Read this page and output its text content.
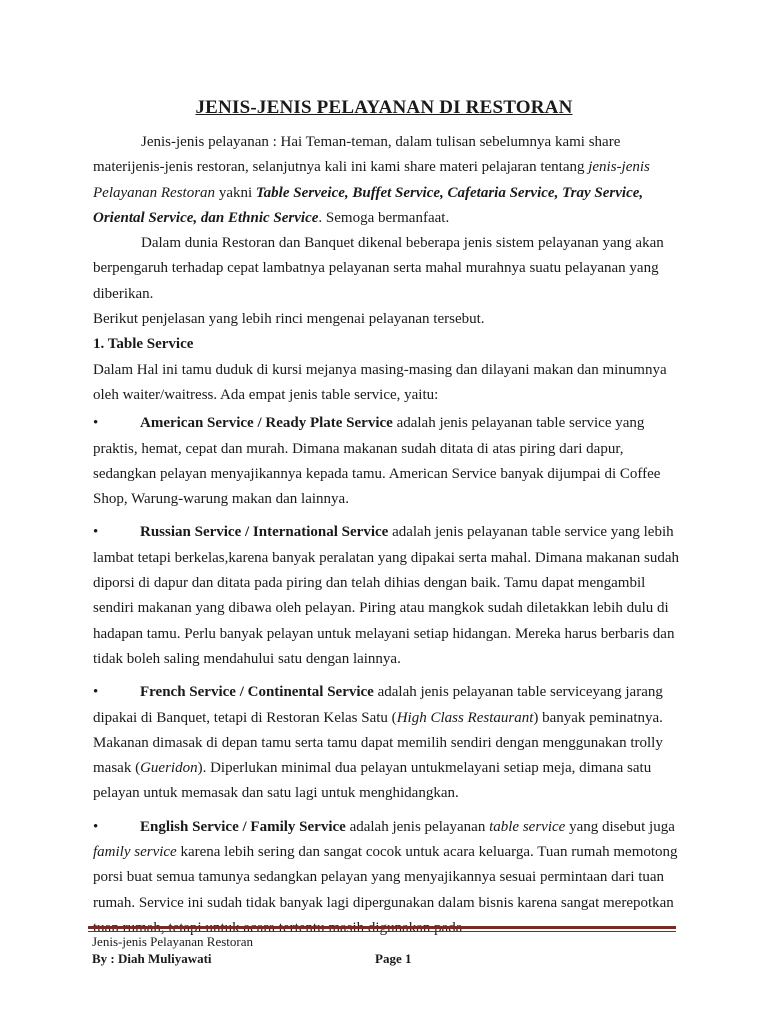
JENIS-JENIS PELAYANAN DI RESTORAN

Jenis-jenis pelayanan : Hai Teman-teman, dalam tulisan sebelumnya kami share materijenis-jenis restoran, selanjutnya kali ini kami share materi pelajaran tentang jenis-jenis Pelayanan Restoran yakni Table Serveice, Buffet Service, Cafetaria Service, Tray Service, Oriental Service, dan Ethnic Service. Semoga bermanfaat.

Dalam dunia Restoran dan Banquet dikenal beberapa jenis sistem pelayanan yang akan berpengaruh terhadap cepat lambatnya pelayanan serta mahal murahnya suatu pelayanan yang diberikan.

Berikut penjelasan yang lebih rinci mengenai pelayanan tersebut.

1. Table Service

Dalam Hal ini tamu duduk di kursi mejanya masing-masing dan dilayani makan dan minumnya oleh waiter/waitress. Ada empat jenis table service, yaitu:

•	American Service / Ready Plate Service adalah jenis pelayanan table service yang praktis, hemat, cepat dan murah. Dimana makanan sudah ditata di atas piring dari dapur, sedangkan pelayan menyajikannya kepada tamu. American Service banyak dijumpai di Coffee Shop, Warung-warung makan dan lainnya.

•	Russian Service / International Service adalah jenis pelayanan table service yang lebih lambat tetapi berkelas,karena banyak peralatan yang dipakai serta mahal. Dimana makanan sudah diporsi di dapur dan ditata pada piring dan telah dihias dengan baik. Tamu dapat mengambil sendiri makanan yang dibawa oleh pelayan. Piring atau mangkok sudah diletakkan lebih dulu di hadapan tamu. Perlu banyak pelayan untuk melayani setiap hidangan. Mereka harus berbaris dan tidak boleh saling mendahului satu dengan lainnya.

•	French Service / Continental Service adalah jenis pelayanan table serviceyang jarang dipakai di Banquet, tetapi di Restoran Kelas Satu (High Class Restaurant) banyak peminatnya. Makanan dimasak di depan tamu serta tamu dapat memilih sendiri dengan menggunakan trolly masak (Gueridon). Diperlukan minimal dua pelayan untukmelayani setiap meja, dimana satu pelayan untuk memasak dan satu lagi untuk menghidangkan.

•	English Service / Family Service adalah jenis pelayanan table service yang disebut juga family service karena lebih sering dan sangat cocok untuk acara keluarga. Tuan rumah memotong porsi buat semua tamunya sedangkan pelayan yang menyajikannya sesuai permintaan dari tuan rumah. Service ini sudah tidak banyak lagi dipergunakan dalam bisnis karena sangat merepotkan

Jenis-jenis Pelayanan Restoran
By : Diah Muliyawati	Page 1
